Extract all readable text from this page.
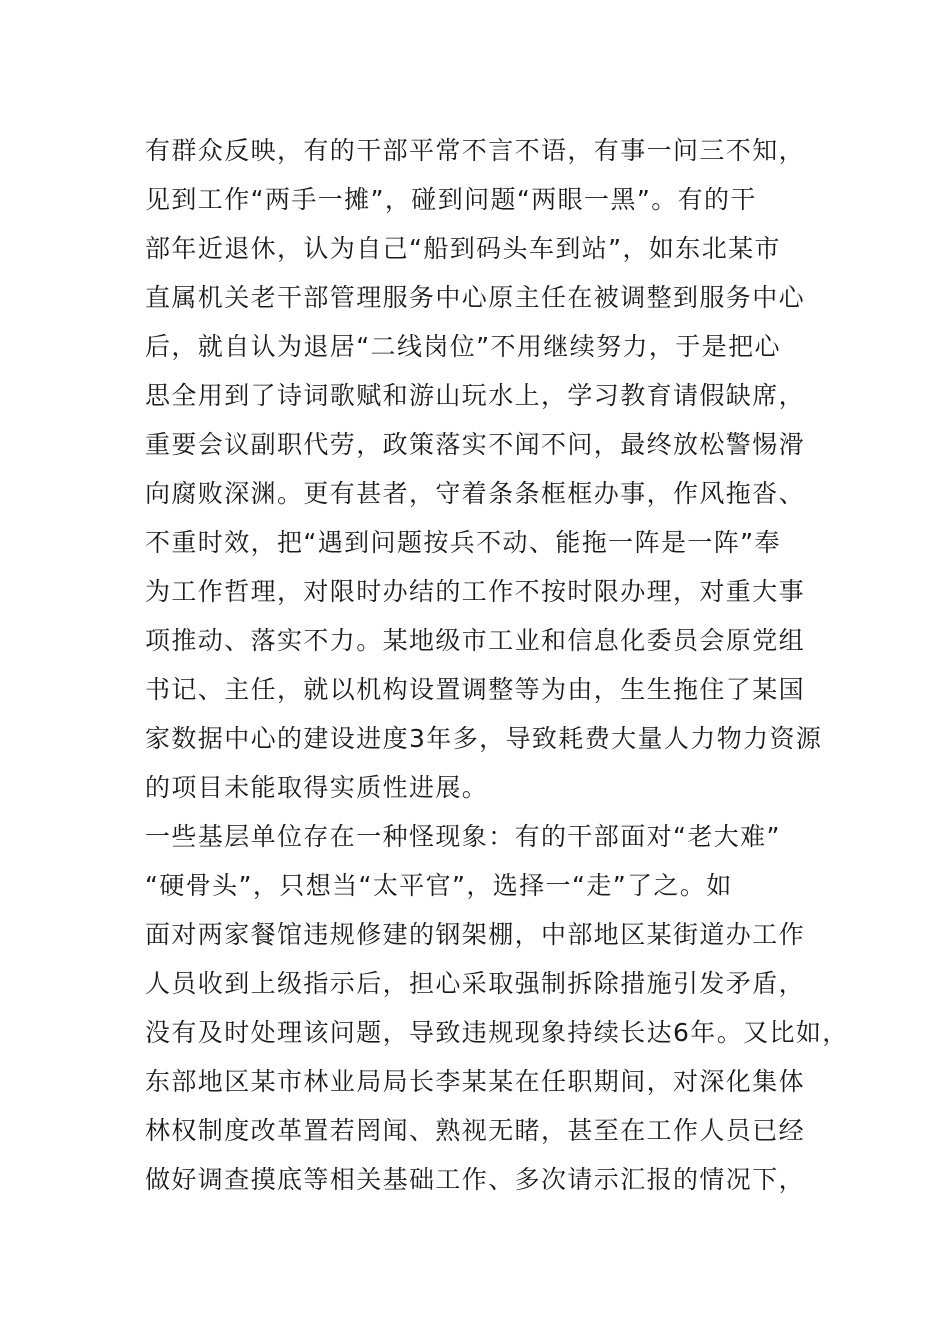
有群众反映，有的干部平常不言不语，有事一问三不知，
见到工作“两手一摊”，碰到问题“两眼一黑”。有的干
部年近退休，认为自己“船到码头车到站”，如东北某市
直属机关老干部管理服务中心原主任在被调整到服务中心
后，就自认为退居“二线岗位”不用继续努力，于是把心
思全用到了诗词歌赋和游山玩水上，学习教育请假缺席，
重要会议副职代劳，政策落实不闻不问，最终放松警惕滑
向腐败深渊。更有甚者，守着条条框框办事，作风拖沓、
不重时效，把“遇到问题按兵不动、能拖一阵是一阵”奉
为工作哲理，对限时办结的工作不按时限办理，对重大事
项推动、落实不力。某地级市工业和信息化委员会原党组
书记、主任，就以机构设置调整等为由，生生拖住了某国
家数据中心的建设进度3年多，导致耗费大量人力物力资源
的项目未能取得实质性进展。
一些基层单位存在一种怪现象：有的干部面对“老大难”
“硬骨头”，只想当“太平官”，选择一“走”了之。如
面对两家餐馆违规修建的钢架棚，中部地区某街道办工作
人员收到上级指示后，担心采取强制拆除措施引发矛盾，
没有及时处理该问题，导致违规现象持续长达6年。又比如，
东部地区某市林业局局长李某某在任职期间，对深化集体
林权制度改革置若罔闻、熟视无睹，甚至在工作人员已经
做好调查摸底等相关基础工作、多次请示汇报的情况下，
